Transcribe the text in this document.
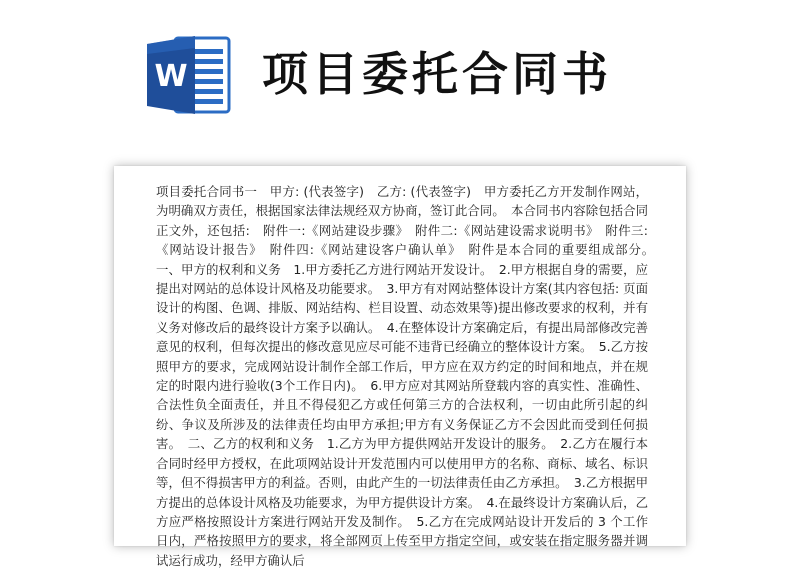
W 项目委托合同书

项目委托合同书一　甲方: (代表签字)　乙方: (代表签字)　甲方委托乙方开发制作网站，为明确双方责任，根据国家法律法规经双方协商，签订此合同。　本合同书内容除包括合同正文外，还包括:　附件一:《网站建设步骤》　附件二:《网站建设需求说明书》　附件三:《网站设计报告》　附件四:《网站建设客户确认单》　附件是本合同的重要组成部分。　一、甲方的权利和义务　1.甲方委托乙方进行网站开发设计。　2.甲方根据自身的需要，应提出对网站的总体设计风格及功能要求。　3.甲方有对网站整体设计方案(其内容包括: 页面设计的构图、色调、排版、网站结构、栏目设置、动态效果等)提出修改要求的权利，并有义务对修改后的最终设计方案予以确认。　4.在整体设计方案确定后，有提出局部修改完善意见的权利，但每次提出的修改意见应尽可能不违背已经确立的整体设计方案。　5.乙方按照甲方的要求，完成网站设计制作全部工作后，甲方应在双方约定的时间和地点，并在规定的时限内进行验收(3个工作日内)。　6.甲方应对其网站所登载内容的真实性、准确性、合法性负全面责任，并且不得侵犯乙方或任何第三方的合法权利，一切由此所引起的纠纷、争议及所涉及的法律责任均由甲方承担;甲方有义务保证乙方不会因此而受到任何损害。　二、乙方的权利和义务　1.乙方为甲方提供网站开发设计的服务。　2.乙方在履行本合同时经甲方授权，在此项网站设计开发范围内可以使用甲方的名称、商标、域名、标识等，但不得损害甲方的利益。否则，由此产生的一切法律责任由乙方承担。　3.乙方根据甲方提出的总体设计风格及功能要求，为甲方提供设计方案。　4.在最终设计方案确认后，乙方应严格按照设计方案进行网站开发及制作。　5.乙方在完成网站设计开发后的 3 个工作日内，严格按照甲方的要求，将全部网页上传至甲方指定空间，或安装在指定服务器并调试运行成功，经甲方确认后
